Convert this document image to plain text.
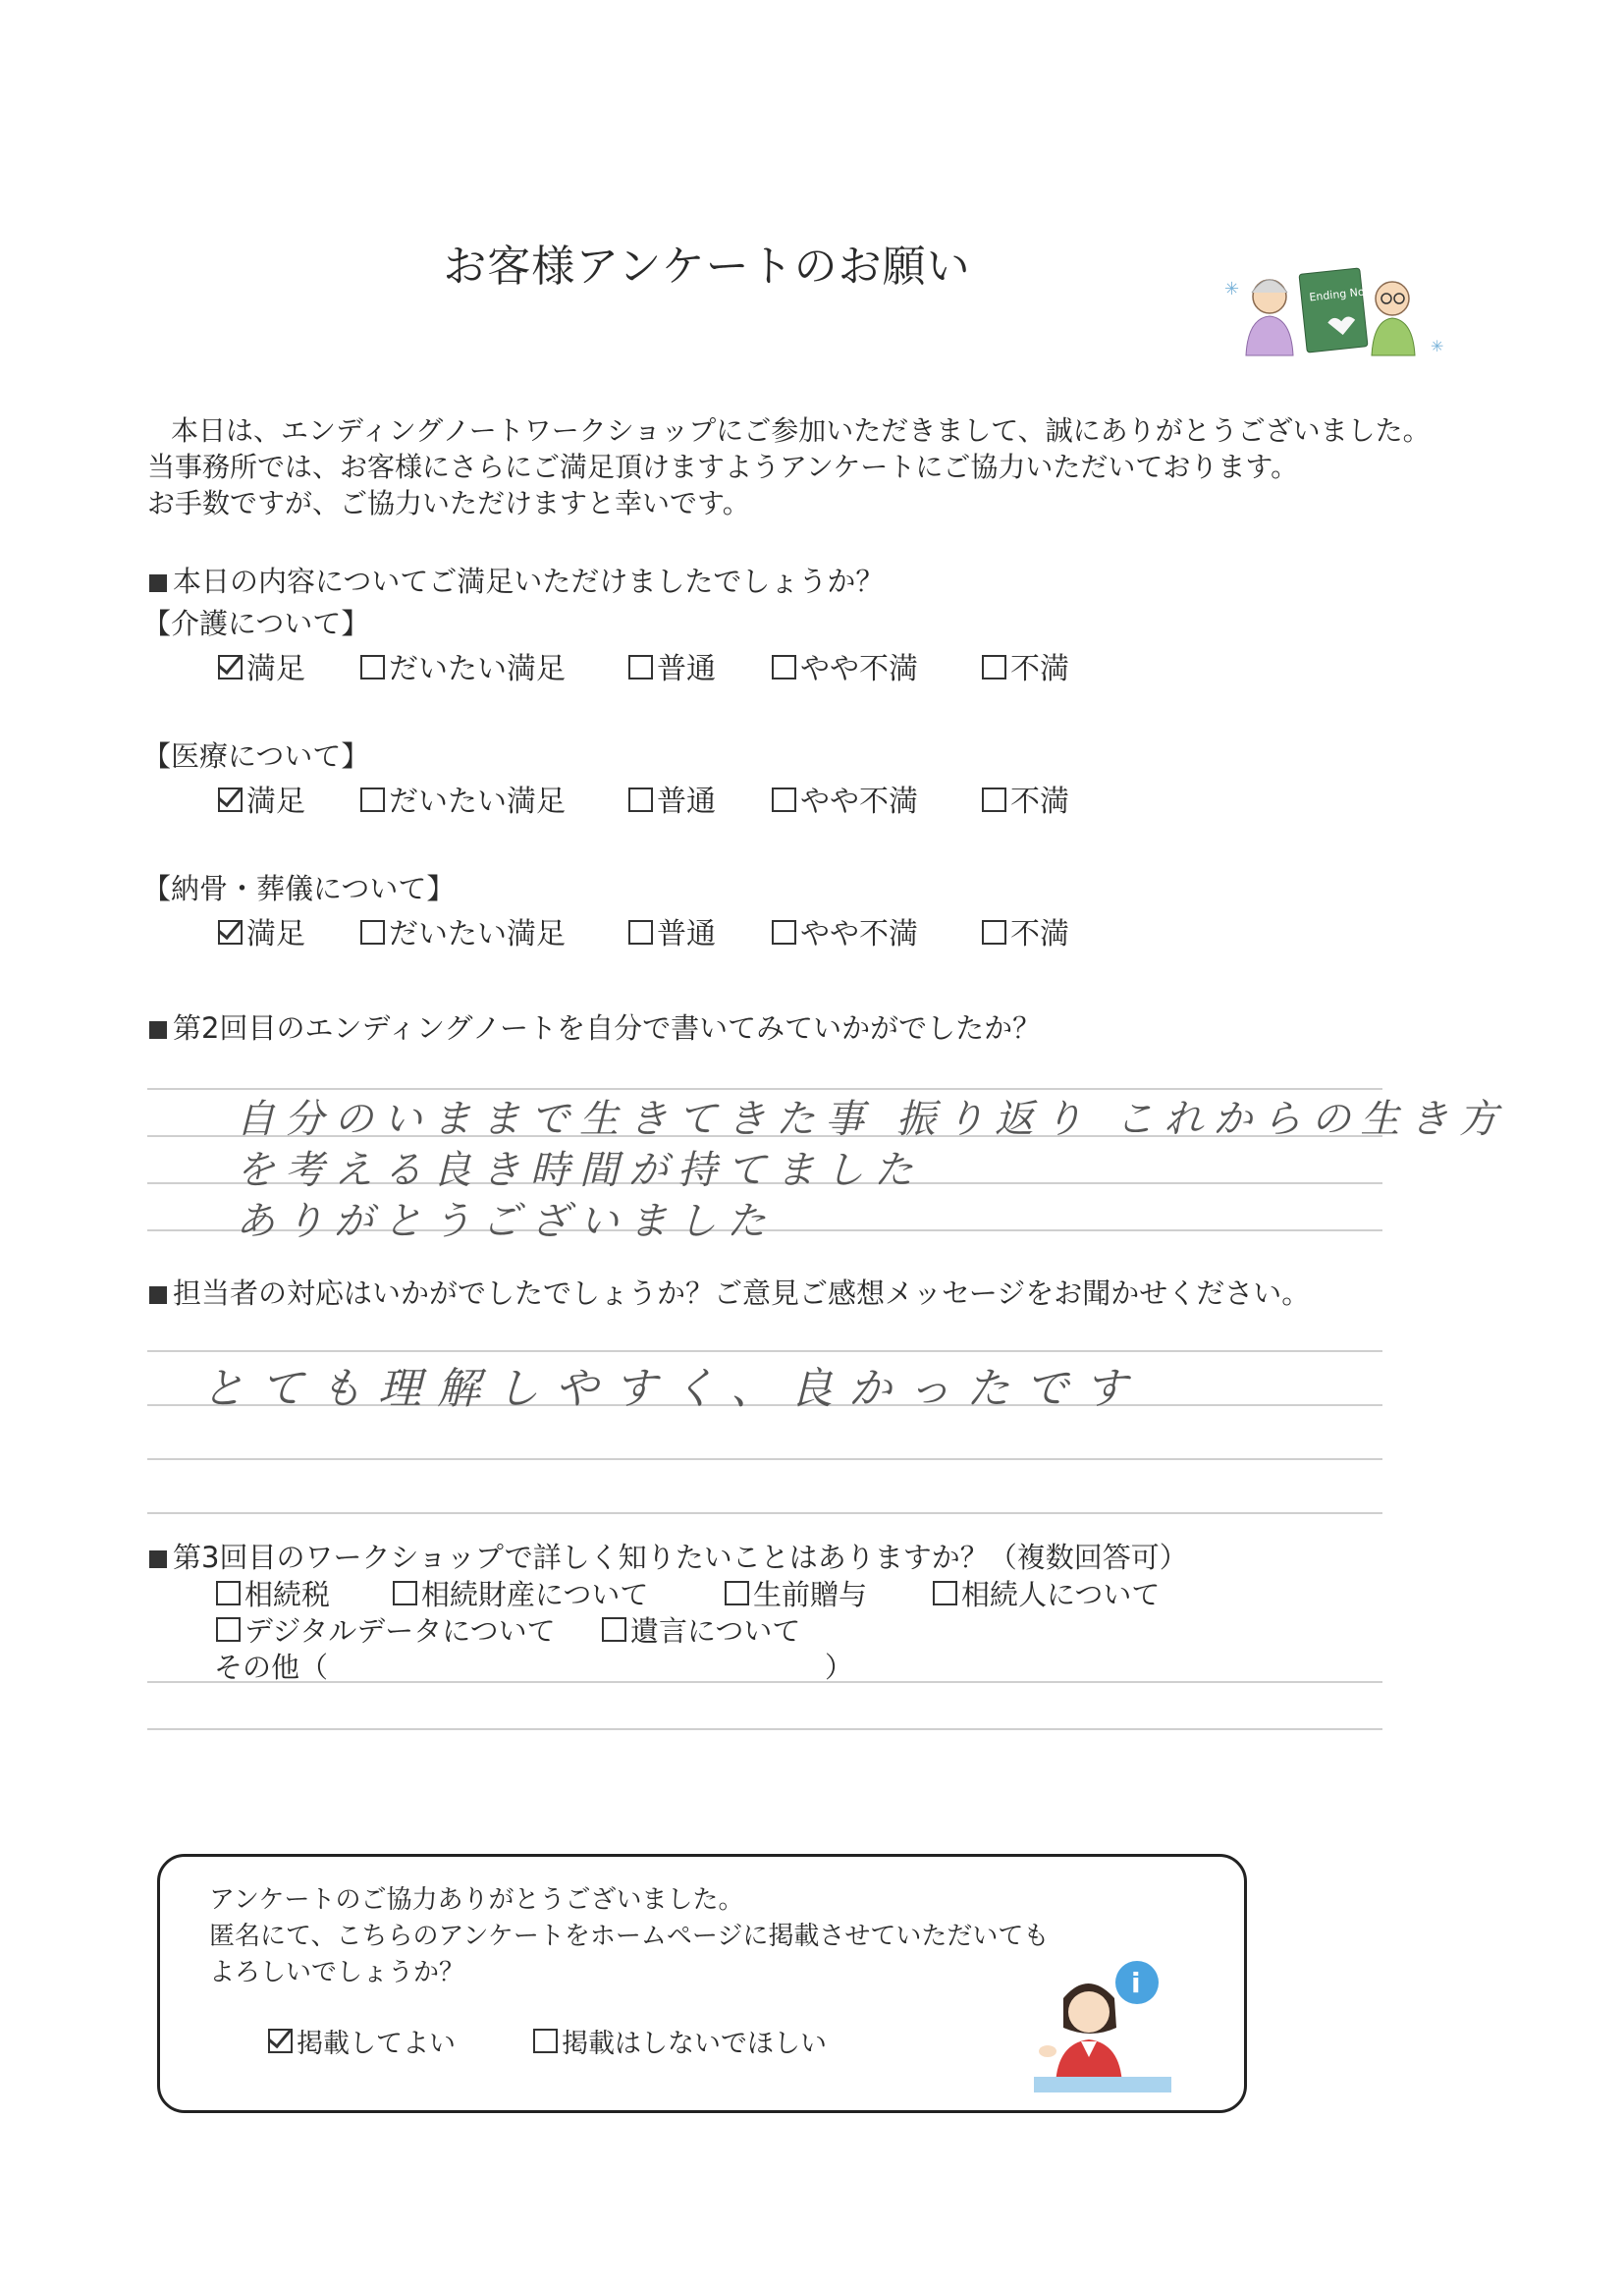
お客様アンケートのお願い	✳
✳
Ending Note
本日は、エンディングノートワークショップにご参加いただきまして、誠にありがとうございました。
当事務所では、お客様にさらにご満足頂けますようアンケートにご協力いただいております。
お手数ですが、ご協力いただけますと幸いです。
本日の内容についてご満足いただけましたでしょうか？
【介護について】
満足	だいたい満足	普通	やや不満	不満
【医療について】
満足	だいたい満足	普通	やや不満	不満
【納骨・葬儀について】
満足	だいたい満足	普通	やや不満	不満
第2回目のエンディングノートを自分で書いてみていかがでしたか？
自分のいままで生きてきた事 振り返り これからの生き方
を考える良き時間が持てました
ありがとうございました
担当者の対応はいかがでしたでしょうか？ご意見ご感想メッセージをお聞かせください。
とても理解しやすく、良かったです
第3回目のワークショップで詳しく知りたいことはありますか？（複数回答可）
相続税	相続財産について	生前贈与	相続人について
デジタルデータについて	遺言について
その他（	）
アンケートのご協力ありがとうございました。
匿名にて、こちらのアンケートをホームページに掲載させていただいても
よろしいでしょうか？
掲載してよい	掲載はしないでほしい
i
